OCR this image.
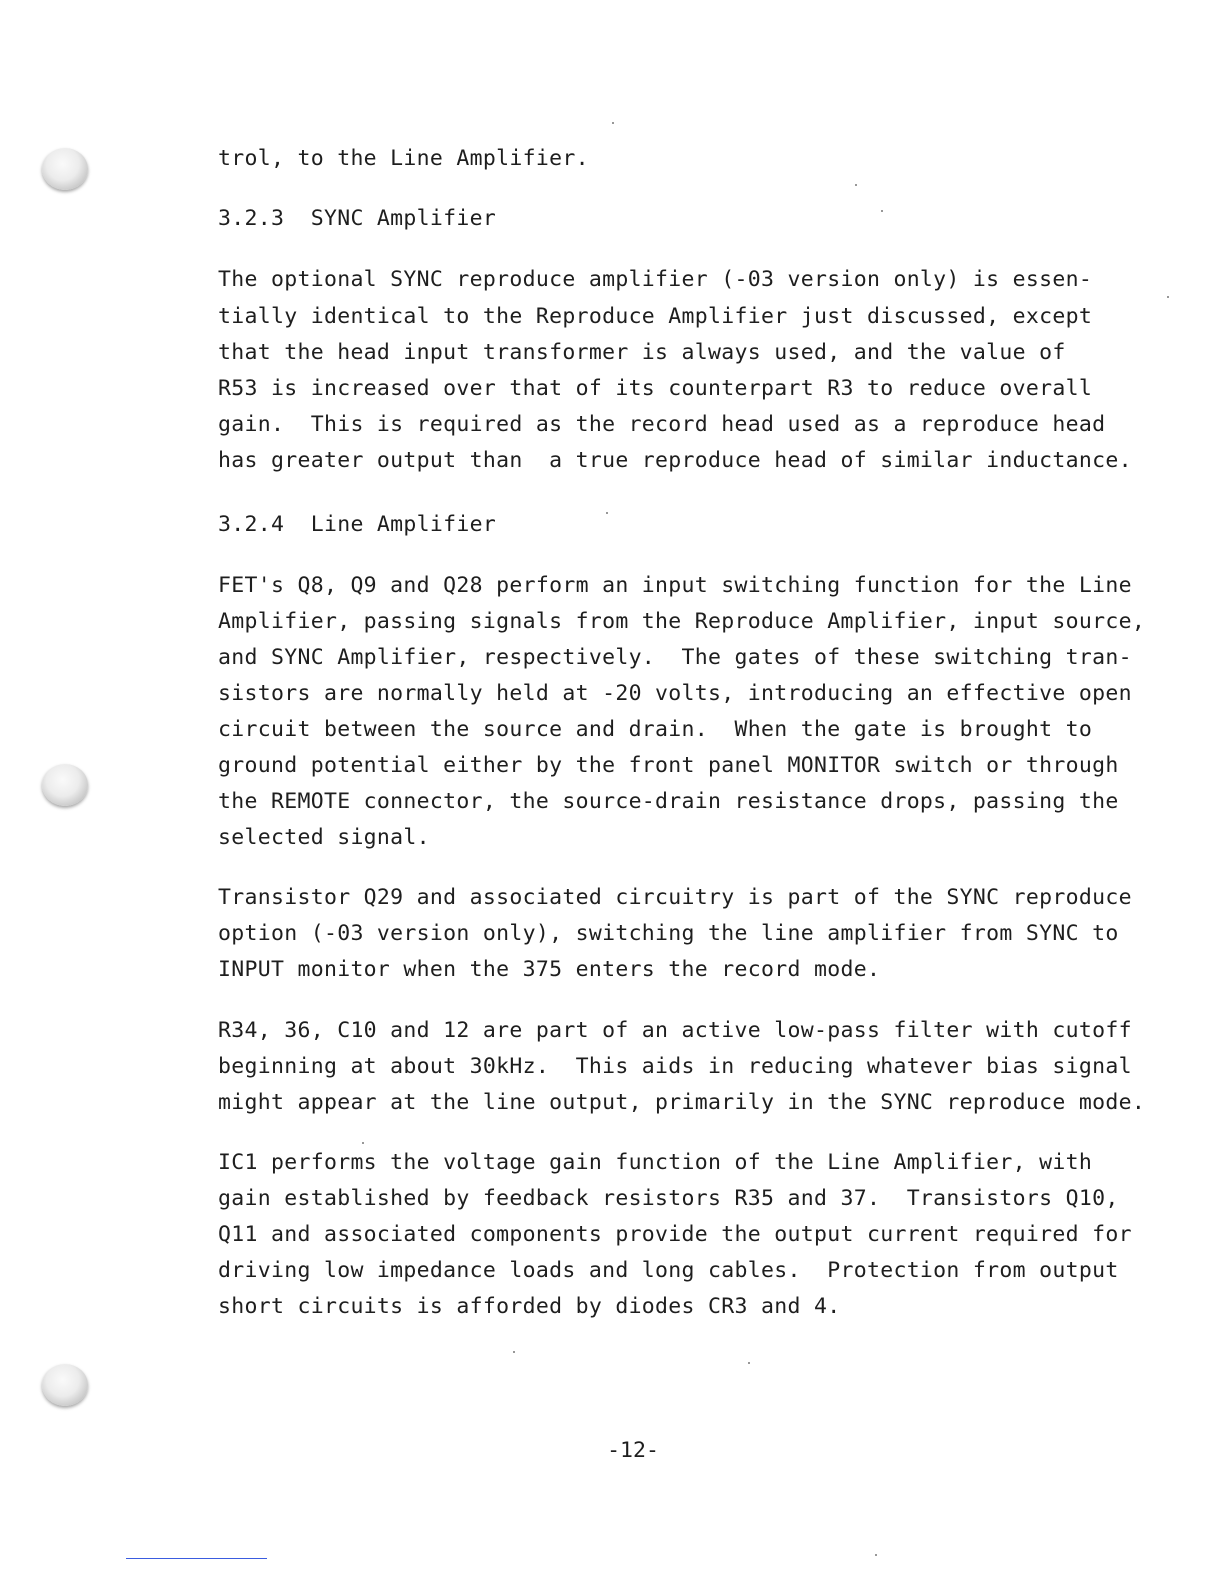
trol, to the Line Amplifier.

3.2.3  SYNC Amplifier

The optional SYNC reproduce amplifier (-03 version only) is essen-

tially identical to the Reproduce Amplifier just discussed, except

that the head input transformer is always used, and the value of

R53 is increased over that of its counterpart R3 to reduce overall

gain.  This is required as the record head used as a reproduce head

has greater output than  a true reproduce head of similar inductance.

3.2.4  Line Amplifier

FET's Q8, Q9 and Q28 perform an input switching function for the Line

Amplifier, passing signals from the Reproduce Amplifier, input source,

and SYNC Amplifier, respectively.  The gates of these switching tran-

sistors are normally held at -20 volts, introducing an effective open

circuit between the source and drain.  When the gate is brought to

ground potential either by the front panel MONITOR switch or through

the REMOTE connector, the source-drain resistance drops, passing the

selected signal.

Transistor Q29 and associated circuitry is part of the SYNC reproduce

option (-03 version only), switching the line amplifier from SYNC to

INPUT monitor when the 375 enters the record mode.

R34, 36, C10 and 12 are part of an active low-pass filter with cutoff

beginning at about 30kHz.  This aids in reducing whatever bias signal

might appear at the line output, primarily in the SYNC reproduce mode.

IC1 performs the voltage gain function of the Line Amplifier, with

gain established by feedback resistors R35 and 37.  Transistors Q10,

Q11 and associated components provide the output current required for

driving low impedance loads and long cables.  Protection from output

short circuits is afforded by diodes CR3 and 4.

-12-
